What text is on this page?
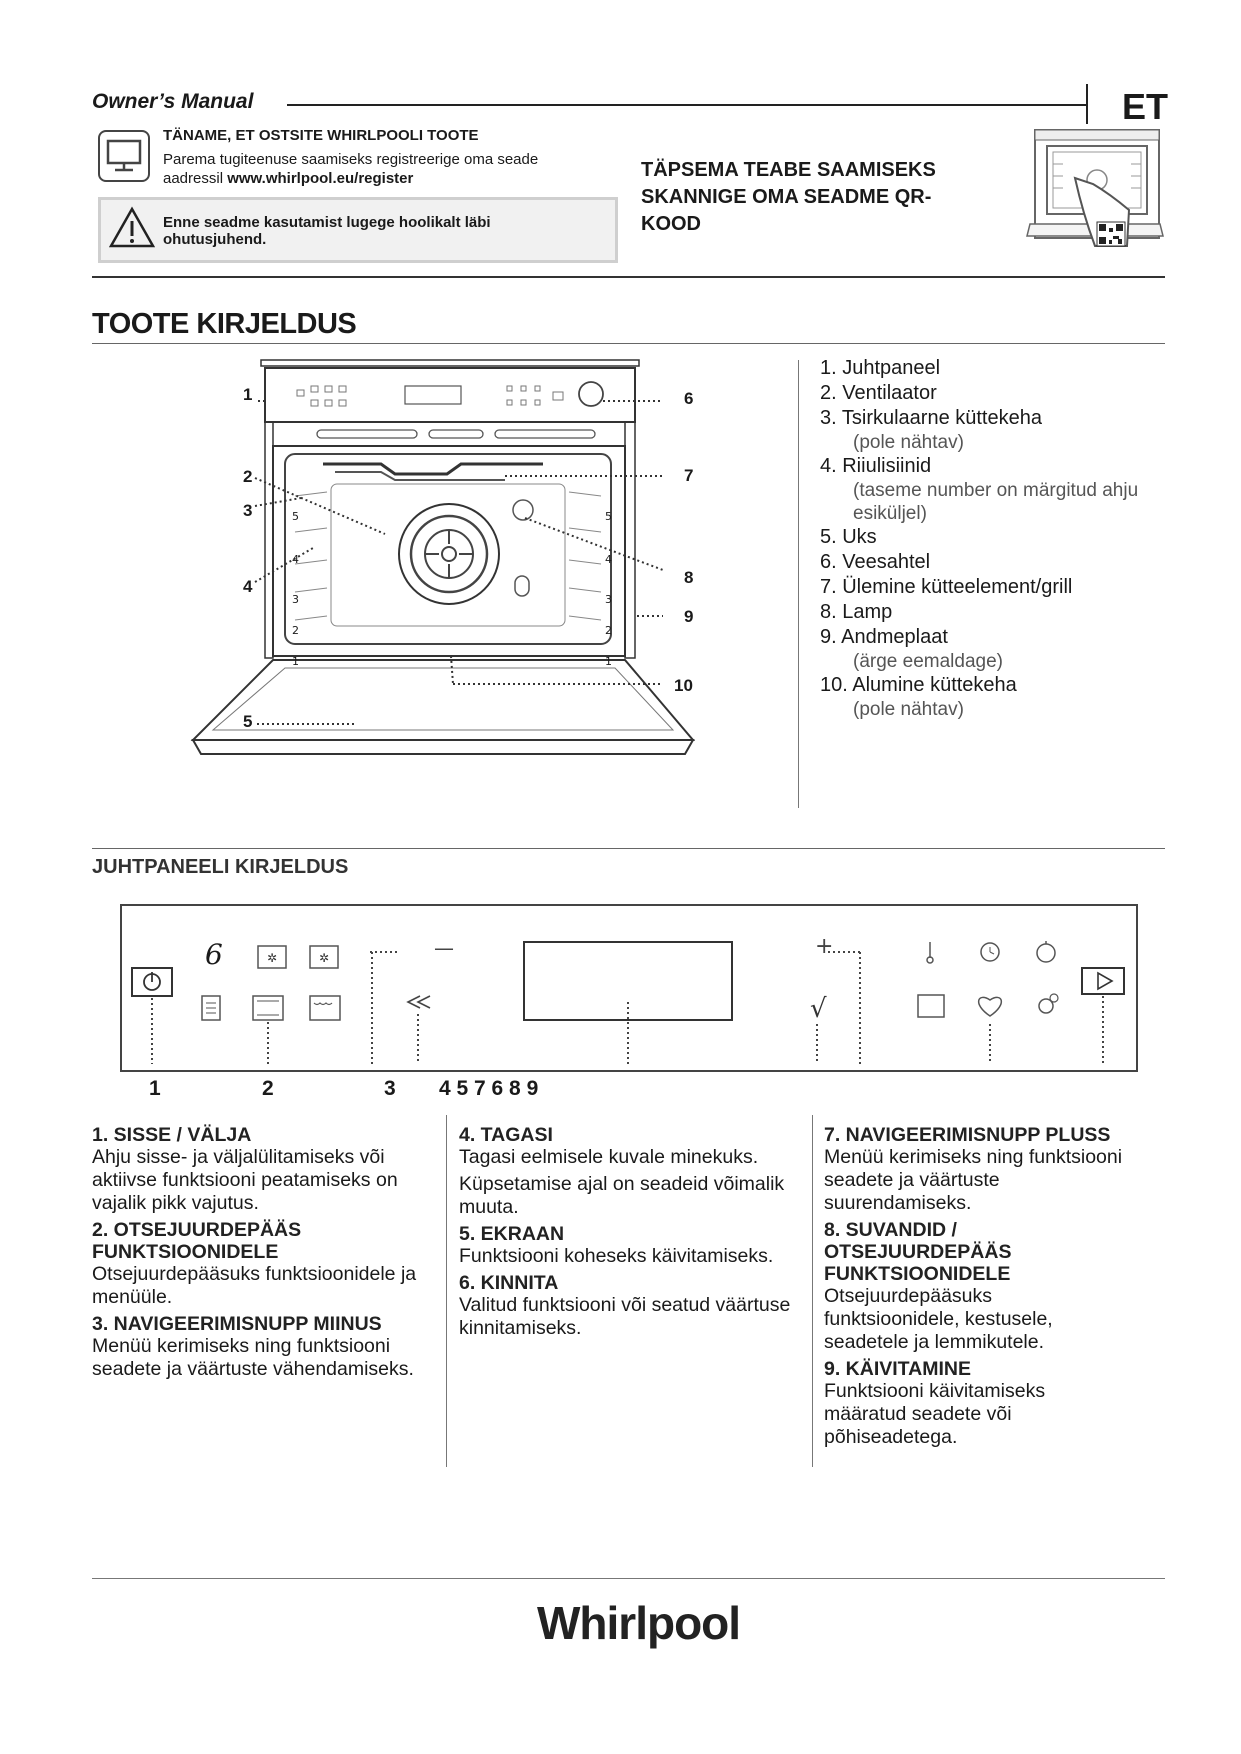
Owner’s Manual	ET
TÄNAME, ET OSTSITE WHIRLPOOLI TOOTE
Parema tugiteenuse saamiseks registreerige oma seade
aadressil www.whirlpool.eu/register
Enne seadme kasutamist lugege hoolikalt läbi ohutusjuhend.
TÄPSEMA TEABE SAAMISEKS SKANNIGE OMA SEADME QR-KOOD
TOOTE KIRJELDUS
1
2
3
4
5
6
7
8
9
10
5
4
3
2
1
5
4
3
2
1
1. Juhtpaneel
2. Ventilaator
3. Tsirkulaarne küttekeha
(pole nähtav)
4. Riiulisiinid
(taseme number on märgitud ahju esiküljel)
5. Uks
6. Veesahtel
7. Ülemine kütteelement/grill
8. Lamp
9. Andmeplaat
(ärge eemaldage)
10. Alumine küttekeha
(pole nähtav)
JUHTPANEELI KIRJELDUS
✲	✲
6	—	+
√
1	2	3 4 5 7 6 8 9
1. SISSE / VÄLJA
Ahju sisse- ja väljalülitamiseks või aktiivse funktsiooni peatamiseks on vajalik pikk vajutus.
2. OTSEJUURDEPÄÄS FUNKTSIOONIDELE
Otsejuurdepääsuks funktsioonidele ja menüüle.
3. NAVIGEERIMISNUPP MIINUS
Menüü kerimiseks ning funktsiooni seadete ja väärtuste vähendamiseks.
4. TAGASI
Tagasi eelmisele kuvale minekuks.
Küpsetamise ajal on seadeid võimalik muuta.
5. EKRAAN
Funktsiooni koheseks käivitamiseks.
6. KINNITA
Valitud funktsiooni või seatud väärtuse kinnitamiseks.
7. NAVIGEERIMISNUPP PLUSS
Menüü kerimiseks ning funktsiooni seadete ja väärtuste suurendamiseks.
8. SUVANDID / OTSEJUURDEPÄÄS FUNKTSIOONIDELE
Otsejuurdepääsuks funktsioonidele, kestusele, seadetele ja lemmikutele.
9. KÄIVITAMINE
Funktsiooni käivitamiseks määratud seadete või põhiseadetega.
Whirlpool
